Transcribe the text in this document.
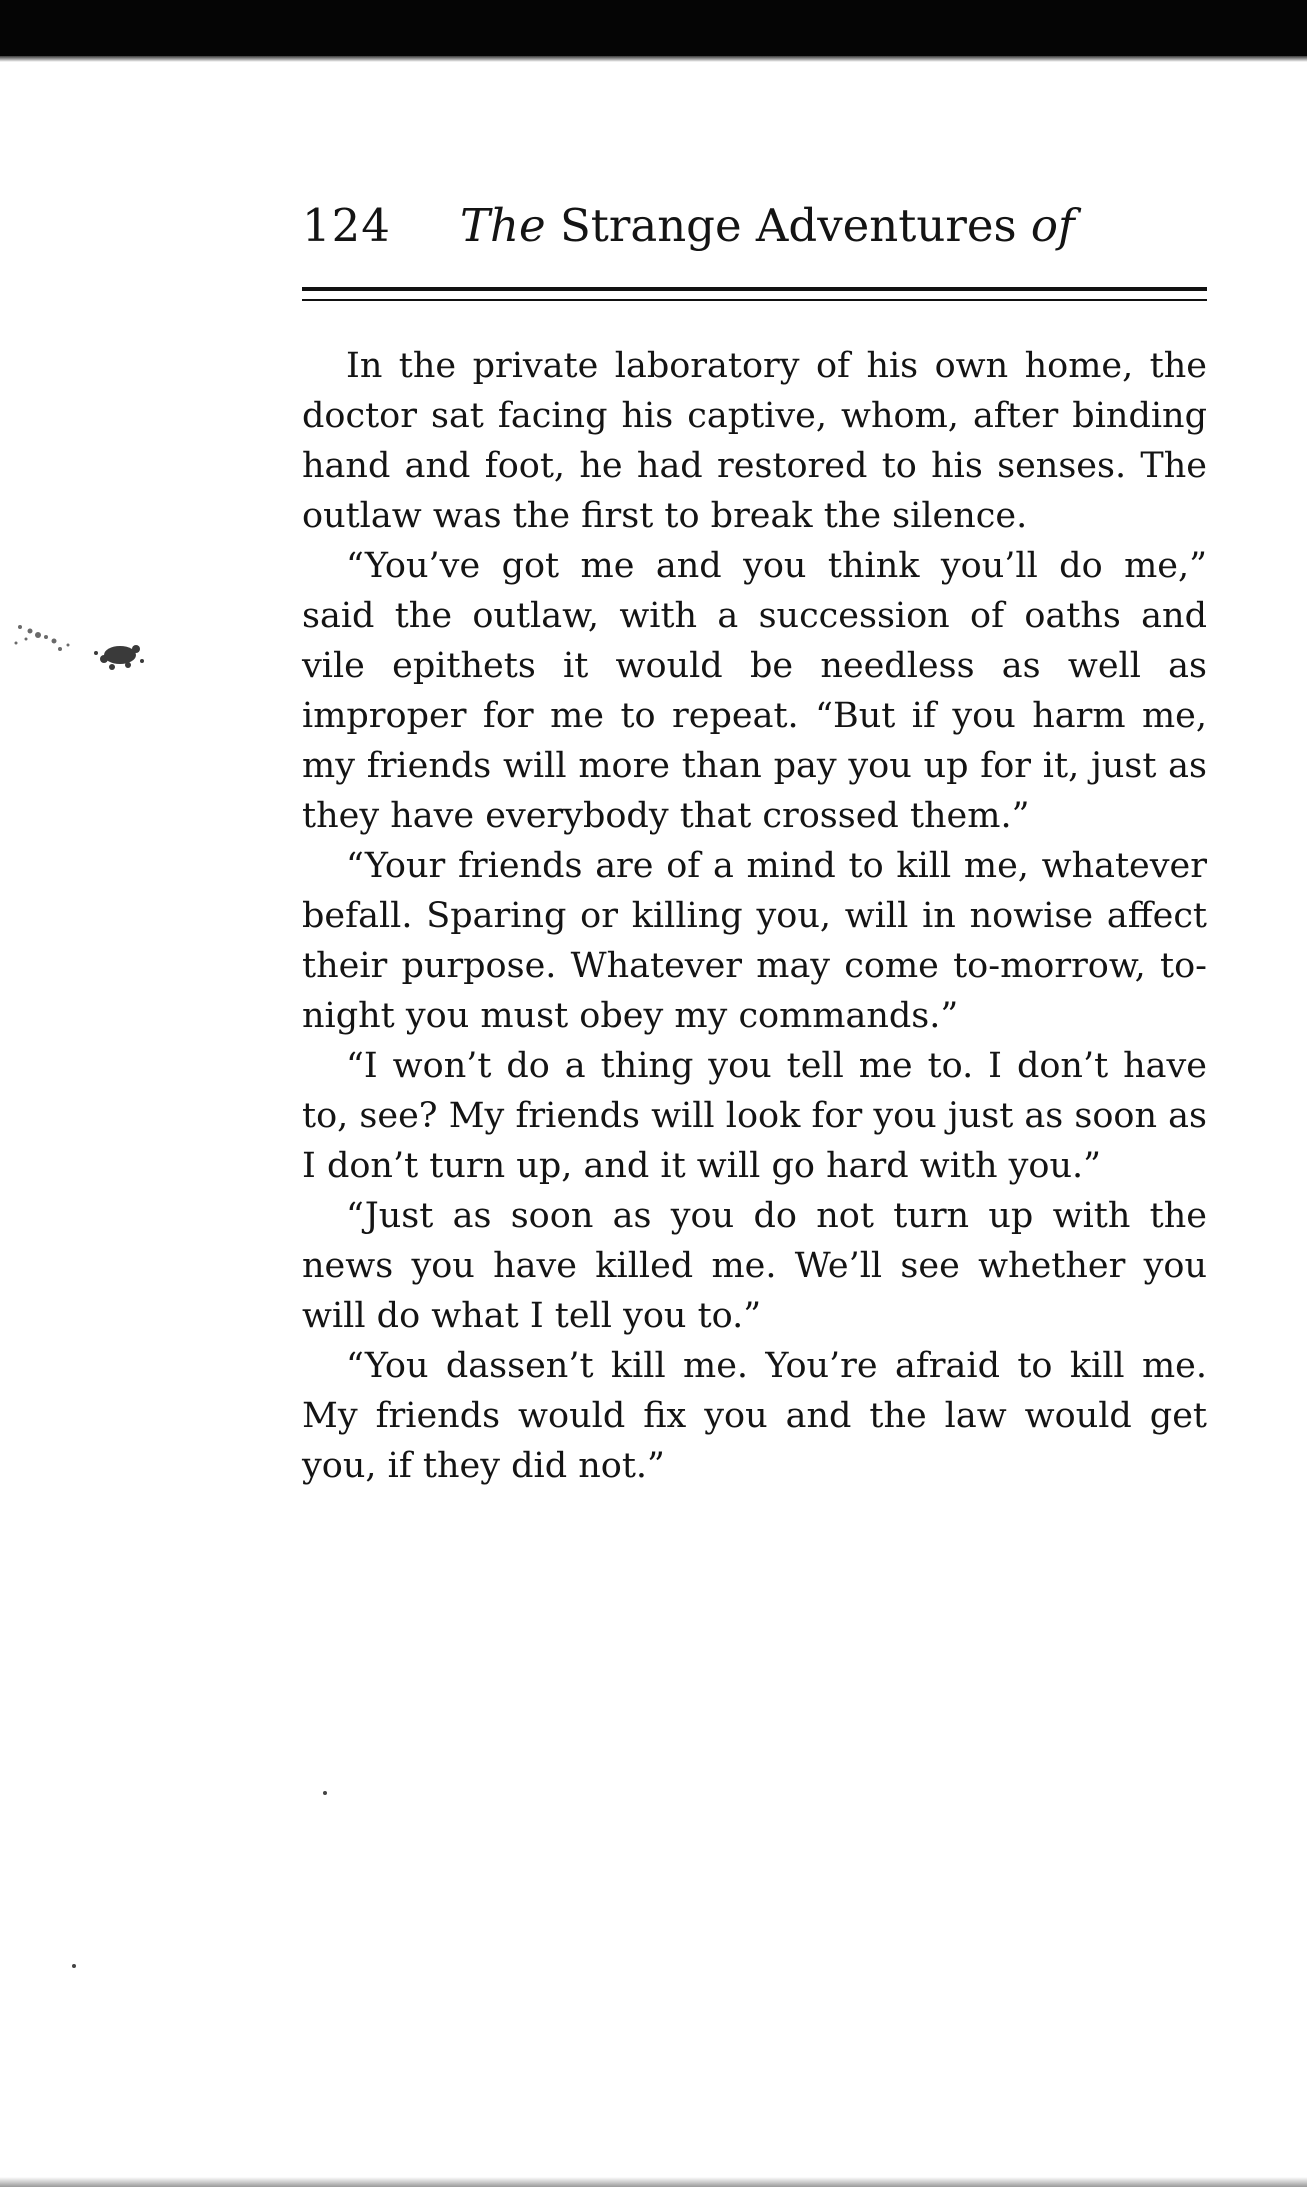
124 The Strange Adventures of

In the private laboratory of his own home, the doctor sat facing his captive, whom, after binding hand and foot, he had restored to his senses. The outlaw was the first to break the silence.

“You’ve got me and you think you’ll do me,” said the outlaw, with a succession of oaths and vile epithets it would be needless as well as improper for me to repeat. “But if you harm me, my friends will more than pay you up for it, just as they have everybody that crossed them.”

“Your friends are of a mind to kill me, whatever befall. Sparing or killing you, will in nowise affect their purpose. Whatever may come to-morrow, to-night you must obey my commands.”

“I won’t do a thing you tell me to. I don’t have to, see? My friends will look for you just as soon as I don’t turn up, and it will go hard with you.”

“Just as soon as you do not turn up with the news you have killed me. We’ll see whether you will do what I tell you to.”

“You dassen’t kill me. You’re afraid to kill me. My friends would fix you and the law would get you, if they did not.”
